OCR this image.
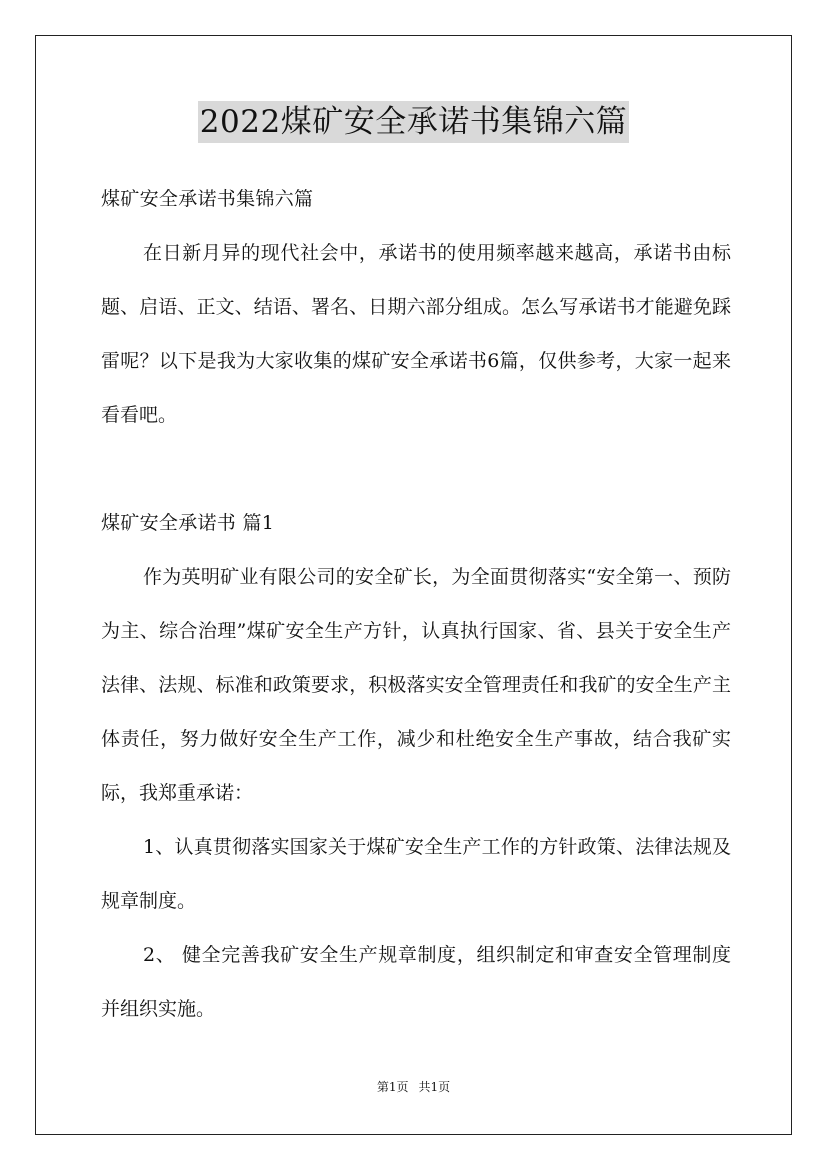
2022煤矿安全承诺书集锦六篇

煤矿安全承诺书集锦六篇

在日新月异的现代社会中，承诺书的使用频率越来越高，承诺书由标题、启语、正文、结语、署名、日期六部分组成。怎么写承诺书才能避免踩雷呢？以下是我为大家收集的煤矿安全承诺书6篇，仅供参考，大家一起来看看吧。

煤矿安全承诺书 篇1

作为英明矿业有限公司的安全矿长，为全面贯彻落实“安全第一、预防为主、综合治理”煤矿安全生产方针，认真执行国家、省、县关于安全生产法律、法规、标准和政策要求，积极落实安全管理责任和我矿的安全生产主体责任，努力做好安全生产工作，减少和杜绝安全生产事故，结合我矿实际，我郑重承诺：

1、认真贯彻落实国家关于煤矿安全生产工作的方针政策、法律法规及规章制度。

2、 健全完善我矿安全生产规章制度，组织制定和审查安全管理制度并组织实施。

第1页 共1页
